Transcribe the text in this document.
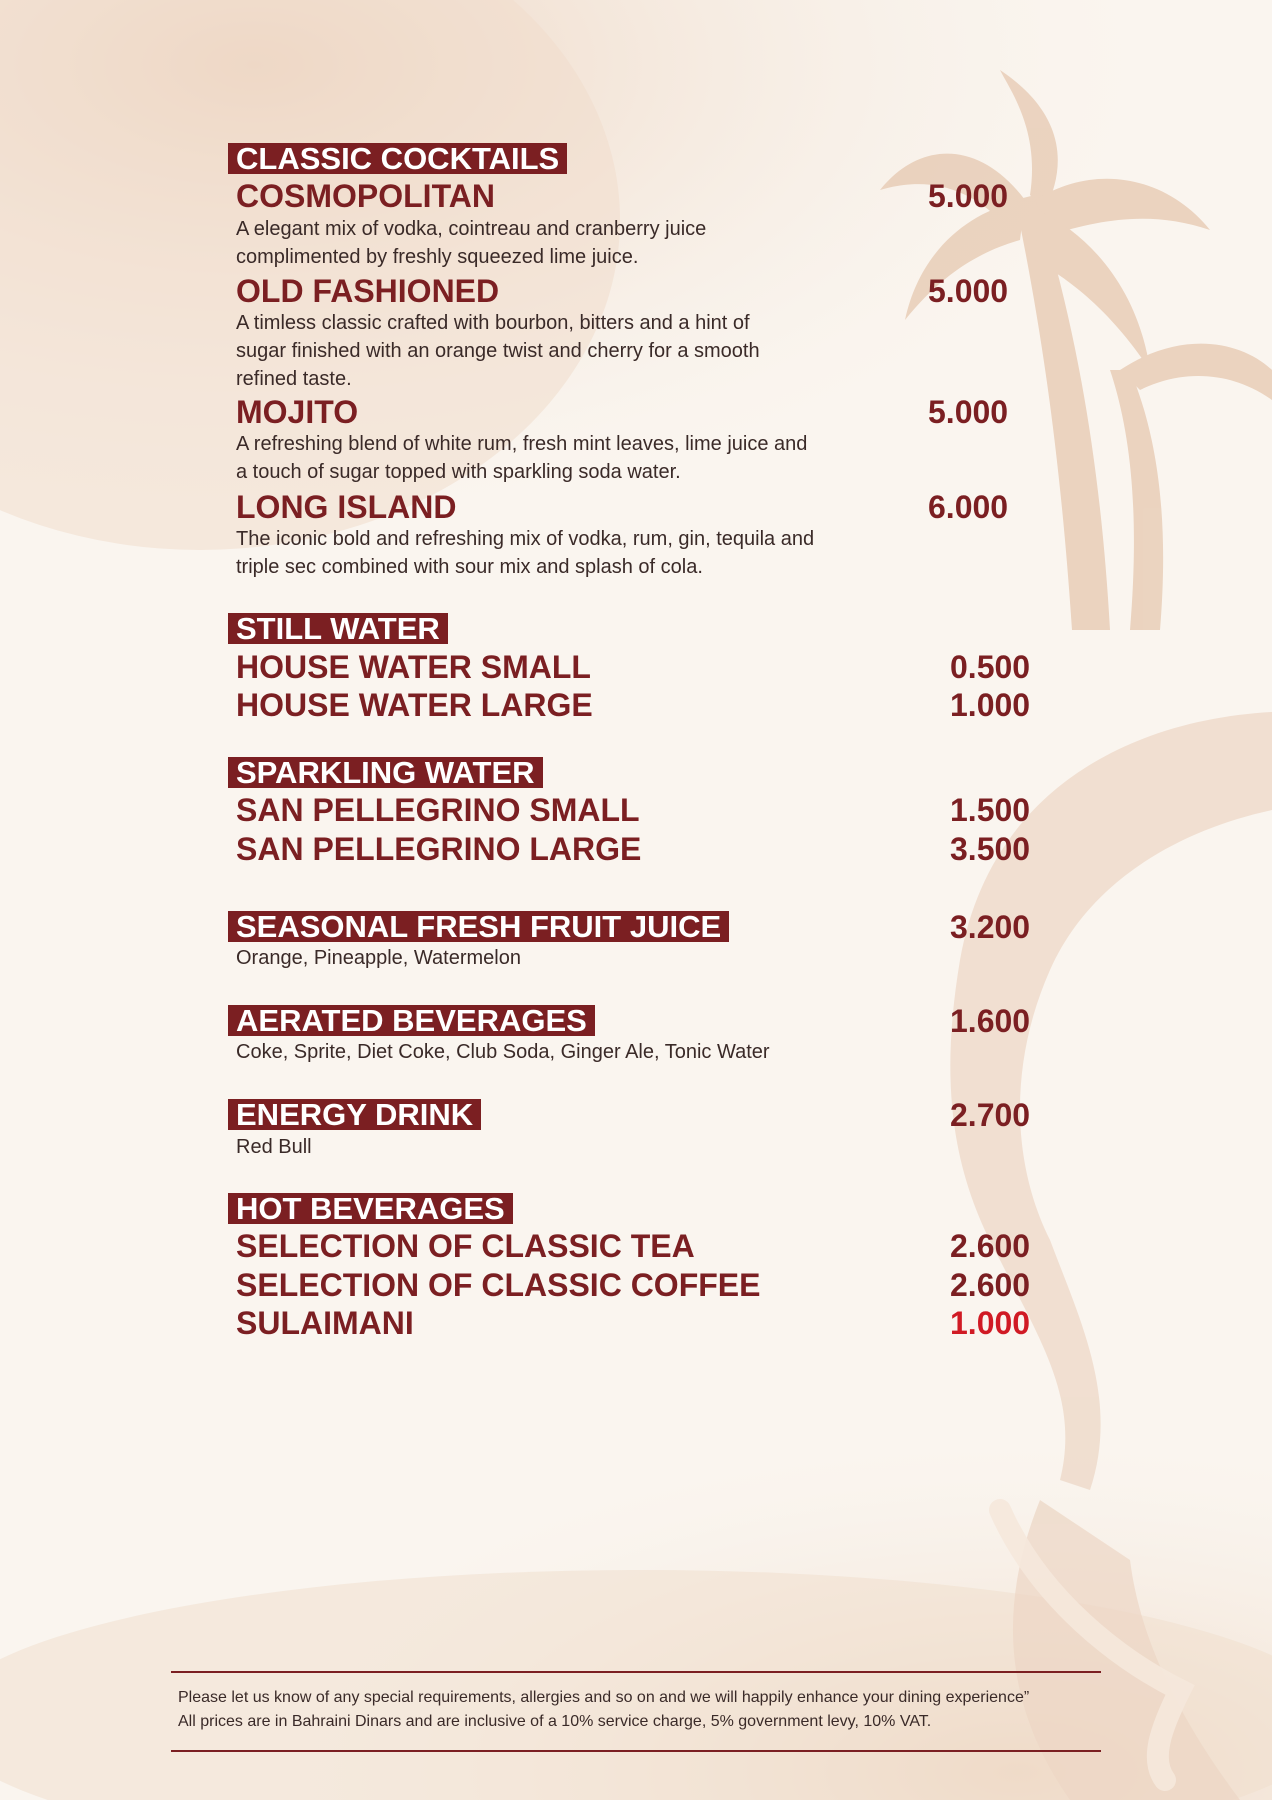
CLASSIC COCKTAILS
COSMOPOLITAN	5.000
A elegant mix of vodka, cointreau and cranberry juice
complimented by freshly squeezed lime juice.
OLD FASHIONED	5.000
A timless classic crafted with bourbon, bitters and a hint of
sugar finished with an orange twist and cherry for a smooth
refined taste.
MOJITO	5.000
A refreshing blend of white rum, fresh mint leaves, lime juice and
a touch of sugar topped with sparkling soda water.
LONG ISLAND	6.000
The iconic bold and refreshing mix of vodka, rum, gin, tequila and
triple sec combined with sour mix and splash of cola.
STILL WATER
HOUSE WATER SMALL	0.500
HOUSE WATER LARGE	1.000
SPARKLING WATER
SAN PELLEGRINO SMALL	1.500
SAN PELLEGRINO LARGE	3.500
SEASONAL FRESH FRUIT JUICE	3.200
Orange, Pineapple, Watermelon
AERATED BEVERAGES	1.600
Coke, Sprite, Diet Coke, Club Soda, Ginger Ale, Tonic Water
ENERGY DRINK	2.700
Red Bull
HOT BEVERAGES
SELECTION OF CLASSIC TEA	2.600
SELECTION OF CLASSIC COFFEE	2.600
SULAIMANI	1.000
Please let us know of any special requirements, allergies and so on and we will happily enhance your dining experience”
All prices are in Bahraini Dinars and are inclusive of a 10% service charge, 5% government levy, 10% VAT.
